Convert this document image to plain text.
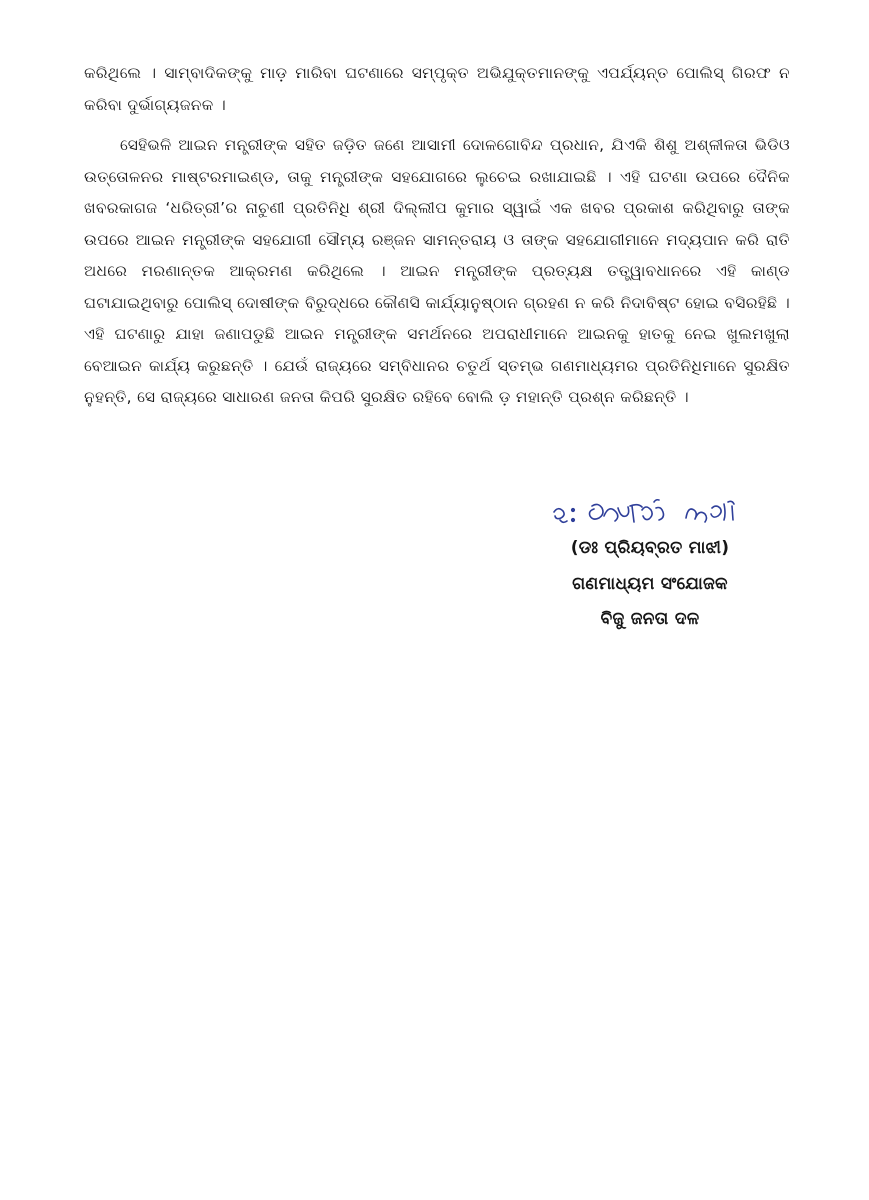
କରିଥିଲେ । ସାମ୍ବାଦିକଙ୍କୁ ମାଡ଼ ମାରିବା ଘଟଣାରେ ସମ୍ପୃକ୍ତ ଅଭିଯୁକ୍ତମାନଙ୍କୁ ଏପର୍ଯ୍ୟନ୍ତ ପୋଲିସ୍ ଗିରଫ ନ କରିବା ଦୁର୍ଭାଗ୍ୟଜନକ ।

ସେହିଭଳି ଆଇନ ମନ୍ତ୍ରୀଙ୍କ ସହିତ ଜଡ଼ିତ ଜଣେ ଆସାମୀ ଦୋଳଗୋବିନ୍ଦ ପ୍ରଧାନ, ଯିଏକି ଶିଶୁ ଅଶ୍ଳୀଳତା ଭିଡିଓ ଉତ୍ତୋଳନର ମାଷ୍ଟରମାଇଣ୍ଡ, ତାକୁ ମନ୍ତ୍ରୀଙ୍କ ସହଯୋଗରେ ଲୁଚେଇ ରଖାଯାଇଛି । ଏହି ଘଟଣା ଉପରେ ଦୈନିକ ଖବରକାଗଜ ‘ଧରିତ୍ରୀ’ର ନାଚୁଣୀ ପ୍ରତିନିଧି ଶ୍ରୀ ଦିଲ୍ଲୀପ କୁମାର ସ୍ୱାଇଁ ଏକ ଖବର ପ୍ରକାଶ କରିଥିବାରୁ ତାଙ୍କ ଉପରେ ଆଇନ ମନ୍ତ୍ରୀଙ୍କ ସହଯୋଗୀ ସୌମ୍ୟ ରଞ୍ଜନ ସାମନ୍ତରାୟ ଓ ତାଙ୍କ ସହଯୋଗୀମାନେ ମଦ୍ୟପାନ କରି ରାତି ଅଧରେ ମରଣାନ୍ତକ ଆକ୍ରମଣ କରିଥିଲେ । ଆଇନ ମନ୍ତ୍ରୀଙ୍କ ପ୍ରତ୍ୟକ୍ଷ ତତ୍ତ୍ୱାବଧାନରେ ଏହି କାଣ୍ଡ ଘଟାଯାଇଥିବାରୁ ପୋଲିସ୍ ଦୋଷୀଙ୍କ ବିରୁଦ୍ଧରେ କୌଣସି କାର୍ଯ୍ୟାନୁଷ୍ଠାନ ଗ୍ରହଣ ନ କରି ନିଦାବିଷ୍ଟ ହୋଇ ବସିରହିଛି । ଏହି ଘଟଣାରୁ ଯାହା ଜଣାପଡୁଛି ଆଇନ ମନ୍ତ୍ରୀଙ୍କ ସମର୍ଥନରେ ଅପରାଧୀମାନେ ଆଇନକୁ ହାତକୁ ନେଇ ଖୁଲମଖୁଲା ବେଆଇନ କାର୍ଯ୍ୟ କରୁଛନ୍ତି । ଯେଉଁ ରାଜ୍ୟରେ ସମ୍ବିଧାନର ଚତୁର୍ଥ ସ୍ତମ୍ଭ ଗଣମାଧ୍ୟମର ପ୍ରତିନିଧିମାନେ ସୁରକ୍ଷିତ ନୁହନ୍ତି, ସେ ରାଜ୍ୟରେ ସାଧାରଣ ଜନତା କିପରି ସୁରକ୍ଷିତ ରହିବେ ବୋଲି ଡ଼ ମହାନ୍ତି ପ୍ରଶ୍ନ କରିଛନ୍ତି ।

(ଡଃ ପ୍ରିୟବ୍ରତ ମାଝୀ)
ଗଣମାଧ୍ୟମ ସଂଯୋଜକ
ବିଜୁ ଜନତା ଦଳ
